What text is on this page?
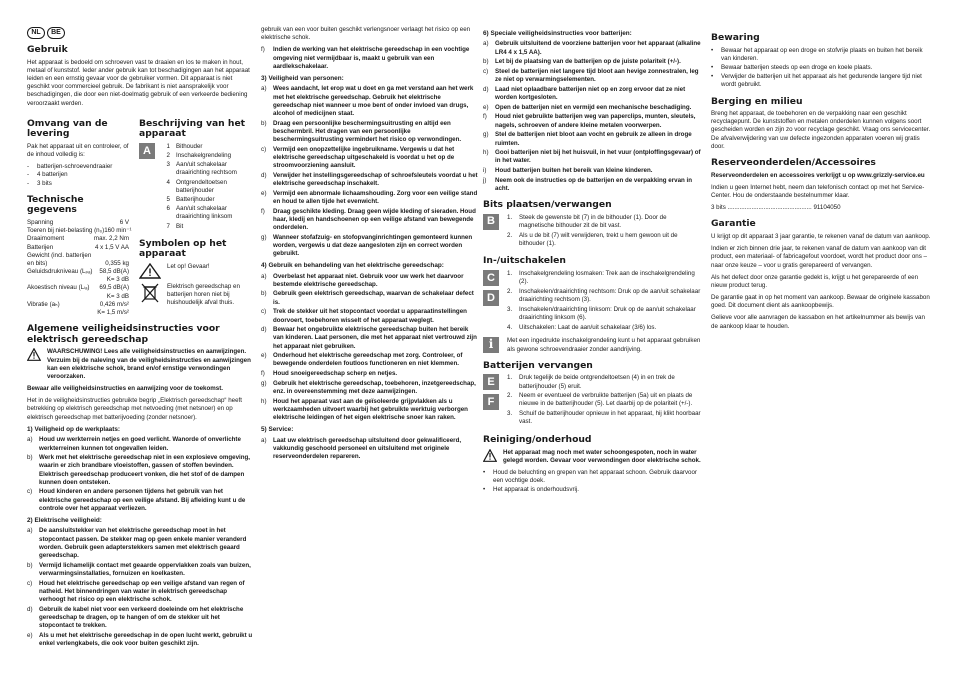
NL	BE
Gebruik

Het apparaat is bedoeld om schroeven vast te draaien en los te maken in hout, metaal of kunststof. Ieder ander gebruik kan tot beschadigingen aan het apparaat leiden en een ernstig gevaar voor de gebruiker vormen. Dit apparaat is niet geschikt voor commercieel gebruik. De fabrikant is niet aansprakelijk voor beschadigingen, die door een niet-doelmatig gebruik of een verkeerde bediening veroorzaakt werden.

Omvang van de levering

Pak het apparaat uit en controleer, of de inhoud volledig is:

-	batterijen-schroevendraaier
-	4 batterijen
-	3 bits
Technische gegevens
Spanning	6 V
Toeren bij niet-belasting (n₀) 160 min⁻¹
Draaimoment	max. 2,2 Nm
Batterijen	4 x 1,5 V AA
Gewicht (incl. batterijen
en bits)	0,355 kg
Geluidsdrukniveau (Lₚₐ) 58,5 dB(A)
K= 3 dB
Akoestisch niveau (Lₗₐ) 69,5 dB(A)
K= 3 dB
Vibratie (aₕ)	0,426 m/s²
K= 1,5 m/s²
Beschrijving van het apparaat
A	1 Bithouder
2 Inschakelgrendeling
3 Aan/uit schakelaar draairichting rechtsom
4 Ontgrendeltoetsen batterijhouder
5 Batterijhouder
6 Aan/uit schakelaar draairichting linksom
7 Bit
Symbolen op het apparaat
Let op! Gevaar!
Elektrisch gereedschap en batterijen horen niet bij huishoudelijk afval thuis.
Algemene veiligheidsinstructies voor elektrisch gereedschap
WAARSCHUWING! Lees alle veiligheidsinstructies en aanwijzingen. Verzuim bij de naleving van de veiligheidsinstructies en aanwijzingen kan een elektrische schok, brand en/of ernstige verwondingen veroorzaken.

Bewaar alle veiligheidsinstructies en aanwijzing voor de toekomst.

Het in de veiligheidsinstructies gebruikte begrip „Elektrisch gereedschap“ heeft betrekking op elektrisch gereedschap met netvoeding (met netsnoer) en op elektrisch gereedschap met batterijvoeding (zonder netsnoer).

1) Veiligheid op de werkplaats:
a)	Houd uw werkterrein netjes en goed verlicht. Wanorde of onverlichte werkterreinen kunnen tot ongevallen leiden.
b)	Werk met het elektrische gereedschap niet in een explosieve omgeving, waarin er zich brandbare vloeistoffen, gassen of stoffen bevinden. Elektrisch gereedschap produceert vonken, die het stof of de dampen kunnen doen ontsteken.
c)	Houd kinderen en andere personen tijdens het gebruik van het elektrische gereedschap op een veilige afstand. Bij afleiding kunt u de controle over het apparaat verliezen.
2) Elektrische veiligheid:
a)	De aansluitstekker van het elektrische gereedschap moet in het stopcontact passen. De stekker mag op geen enkele manier veranderd worden. Gebruik geen adapterstekkers samen met elektrisch geaard gereedschap.
b)	Vermijd lichamelijk contact met geaarde oppervlakken zoals van buizen, verwarmingsinstallaties, fornuizen en koelkasten.
c)	Houd het elektrische gereedschap op een veilige afstand van regen of natheid. Het binnendringen van water in elektrisch gereedschap verhoogt het risico op een elektrische schok.
d)	Gebruik de kabel niet voor een verkeerd doeleinde om het elektrische gereedschap te dragen, op te hangen of om de stekker uit het stopcontact te trekken.
e)	Als u met het elektrische gereedschap in de open lucht werkt, gebruikt u enkel verlengkabels, die ook voor buiten geschikt zijn.

gebruik van een voor buiten geschikt verlengsnoer verlaagt het risico op een elektrische schok.

f)	Indien de werking van het elektrische gereedschap in een vochtige omgeving niet vermijdbaar is, maakt u gebruik van een aardlekschakelaar.
3) Veiligheid van personen:
a)	Wees aandacht, let erop wat u doet en ga met verstand aan het werk met het elektrische gereedschap. Gebruik het elektrische gereedschap niet wanneer u moe bent of onder invloed van drugs, alcohol of medicijnen staat.
b)	Draag een persoonlijke beschermingsuitrusting en altijd een beschermbril. Het dragen van een persoonlijke beschermingsuitrusting vermindert het risico op verwondingen.
c)	Vermijd een onopzettelijke ingebruikname. Vergewis u dat het elektrische gereedschap uitgeschakeld is voordat u het op de stroomvoorziening aansluit.
d)	Verwijder het instellingsgereedschap of schroefsleutels voordat u het elektrische gereedschap inschakelt.
e)	Vermijd een abnormale lichaamshouding. Zorg voor een veilige stand en houd te allen tijde het evenwicht.
f)	Draag geschikte kleding. Draag geen wijde kleding of sieraden. Houd haar, kledij en handschoenen op een veilige afstand van bewegende onderdelen.
g)	Wanneer stofafzuig- en stofopvanginrichtingen gemonteerd kunnen worden, vergewis u dat deze aangesloten zijn en correct worden gebruikt.
4) Gebruik en behandeling van het elektrische gereedschap:
a)	Overbelast het apparaat niet. Gebruik voor uw werk het daarvoor bestemde elektrische gereedschap.
b)	Gebruik geen elektrisch gereedschap, waarvan de schakelaar defect is.
c)	Trek de stekker uit het stopcontact voordat u apparaatinstellingen doorvoert, toebehoren wisselt of het apparaat weglegt.
d)	Bewaar het ongebruikte elektrische gereedschap buiten het bereik van kinderen. Laat personen, die met het apparaat niet vertrouwd zijn het apparaat niet gebruiken.
e)	Onderhoud het elektrische gereedschap met zorg. Controleer, of bewegende onderdelen foutloos functioneren en niet klemmen.
f)	Houd snoeigereedschap scherp en netjes.
g)	Gebruik het elektrische gereedschap, toebehoren, inzetgereedschap, enz. in overeenstemming met deze aanwijzingen.
h)	Houd het apparaat vast aan de geïsoleerde grijpvlakken als u werkzaamheden uitvoert waarbij het gebruikte werktuig verborgen elektrische leidingen of het eigen elektrische snoer kan raken.
5) Service:
a)	Laat uw elektrisch gereedschap uitsluitend door gekwalificeerd, vakkundig geschoold personeel en uitsluitend met originele reserveonderdelen repareren.
6) Speciale veiligheidsinstructies voor batterijen:
a)	Gebruik uitsluitend de voorziene batterijen voor het apparaat (alkaline LR4 4 x 1,5 AA).
b)	Let bij de plaatsing van de batterijen op de juiste polariteit (+/-).
c)	Steel de batterijen niet langere tijd bloot aan hevige zonnestralen, leg ze niet op verwarmingselementen.
d)	Laad niet oplaadbare batterijen niet op en zorg ervoor dat ze niet worden kortgesloten.
e)	Open de batterijen niet en vermijd een mechanische beschadiging.
f)	Houd niet gebruikte batterijen weg van paperclips, munten, sleutels, nagels, schroeven of andere kleine metalen voorwerpen.
g)	Stel de batterijen niet bloot aan vocht en gebruik ze alleen in droge ruimten.
h)	Gooi batterijen niet bij het huisvuil, in het vuur (ontploffingsgevaar) of in het water.
i)	Houd batterijen buiten het bereik van kleine kinderen.
j)	Neem ook de instructies op de batterijen en de verpakking ervan in acht.
Bits plaatsen/verwangen
B	1.	Steek de gewenste bit (7) in de bithouder (1). Door de magnetische bithouder zit de bit vast.
2.	Als u de bit (7) wilt verwijderen, trekt u hem gewoon uit de bithouder (1).
In-/uitschakelen
C
D
1.	Inschakelgrendeling losmaken: Trek aan de inschakelgrendeling (2).
2.	Inschakelen/draairichting rechtsom: Druk op de aan/uit schakelaar draairichting rechtsom (3).
3.	Inschakelen/draairichting linksom: Druk op de aan/uit schakelaar draairichting linksom (6).
4.	Uitschakelen: Laat de aan/uit schakelaar (3/6) los.
i	Met een ingedrukte inschakelgrendeling kunt u het apparaat gebruiken als gewone schroevendraaier zonder aandrijving.
Batterijen vervangen
E
F
1.	Druk tegelijk de beide ontgrendeltoetsen (4) in en trek de batterijhouder (5) eruit.
2.	Neem er eventueel de verbruikte batterijen (5a) uit en plaats de nieuwe in de batterijhouder (5). Let daarbij op de polariteit (+/-).
3.	Schuif de batterijhouder opnieuw in het apparaat, hij klikt hoorbaar vast.
Reiniging/onderhoud
Het apparaat mag noch met water schoongespoten, noch in water gelegd worden. Gevaar voor verwondingen door elektrische schok.
•	Houd de beluchting en grepen van het apparaat schoon. Gebruik daarvoor een vochtige doek.
•	Het apparaat is onderhoudsvrij.
Bewaring
•	Bewaar het apparaat op een droge en stofvrije plaats en buiten het bereik van kinderen.
•	Bewaar batterijen steeds op een droge en koele plaats.
•	Verwijder de batterijen uit het apparaat als het gedurende langere tijd niet wordt gebruikt.
Berging en milieu

Breng het apparaat, de toebehoren en de verpakking naar een geschikt recyclagepunt. De kunststoffen en metalen onderdelen kunnen volgens soort gescheiden worden en zijn zo voor recyclage geschikt. Vraag ons servicecenter. De afvalverwijdering van uw defecte ingezonden apparaten voeren wij gratis door.

Reserveonderdelen/Accessoires

Reserveonderdelen en accessoires verkrijgt u op www.grizzly-service.eu

Indien u geen Internet hebt, neem dan telefonisch contact op met het Service-Center. Hou de onderstaande bestelnummer klaar.

3 bits ................................................. 91104050

Garantie

U krijgt op dit apparaat 3 jaar garantie, te rekenen vanaf de datum van aankoop.

Indien er zich binnen drie jaar, te rekenen vanaf de datum van aankoop van dit product, een materiaal- of fabricagefout voordoet, wordt het product door ons – naar onze keuze – voor u gratis gerepareerd of vervangen.

Als het defect door onze garantie gedekt is, krijgt u het gerepareerde of een nieuw product terug.

De garantie gaat in op het moment van aankoop. Bewaar de originele kassabon goed. Dit document dient als aankoopbewijs.

Gelieve voor alle aanvragen de kassabon en het artikelnummer als bewijs van de aankoop klaar te houden.
